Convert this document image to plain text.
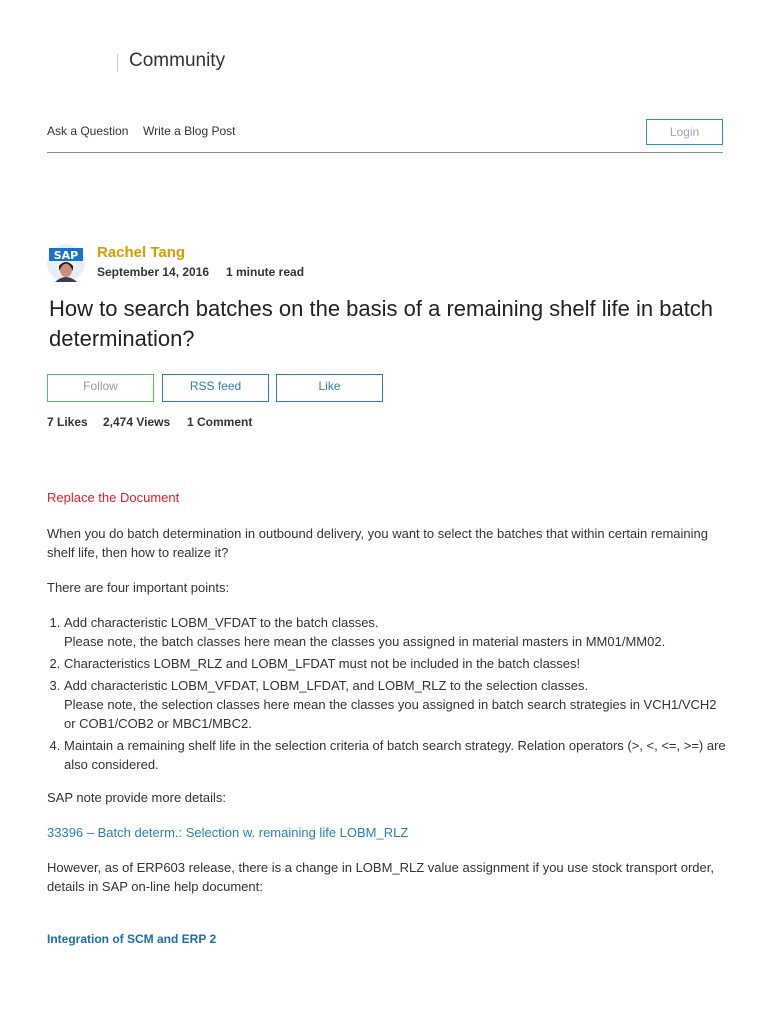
Community
Ask a Question Write a Blog Post	Login
SAP Rachel Tang
September 14, 2016 1 minute read
How to search batches on the basis of a remaining shelf life in batch determination?
Follow	RSS feed	Like
7 Likes 2,474 Views 1 Comment
Replace the Document

When you do batch determination in outbound delivery, you want to select the batches that within certain remaining shelf life, then how to realize it?

There are four important points:

1. Add characteristic LOBM_VFDAT to the batch classes.
Please note, the batch classes here mean the classes you assigned in material masters in MM01/MM02.
2. Characteristics LOBM_RLZ and LOBM_LFDAT must not be included in the batch classes!
3. Add characteristic LOBM_VFDAT, LOBM_LFDAT, and LOBM_RLZ to the selection classes.
Please note, the selection classes here mean the classes you assigned in batch search strategies in VCH1/VCH2 or COB1/COB2 or MBC1/MBC2.
4. Maintain a remaining shelf life in the selection criteria of batch search strategy. Relation operators (>, <, <=, >=) are also considered.

SAP note provide more details:

33396 – Batch determ.: Selection w. remaining life LOBM_RLZ

However, as of ERP603 release, there is a change in LOBM_RLZ value assignment if you use stock transport order, details in SAP on-line help document:

Integration of SCM and ERP 2
